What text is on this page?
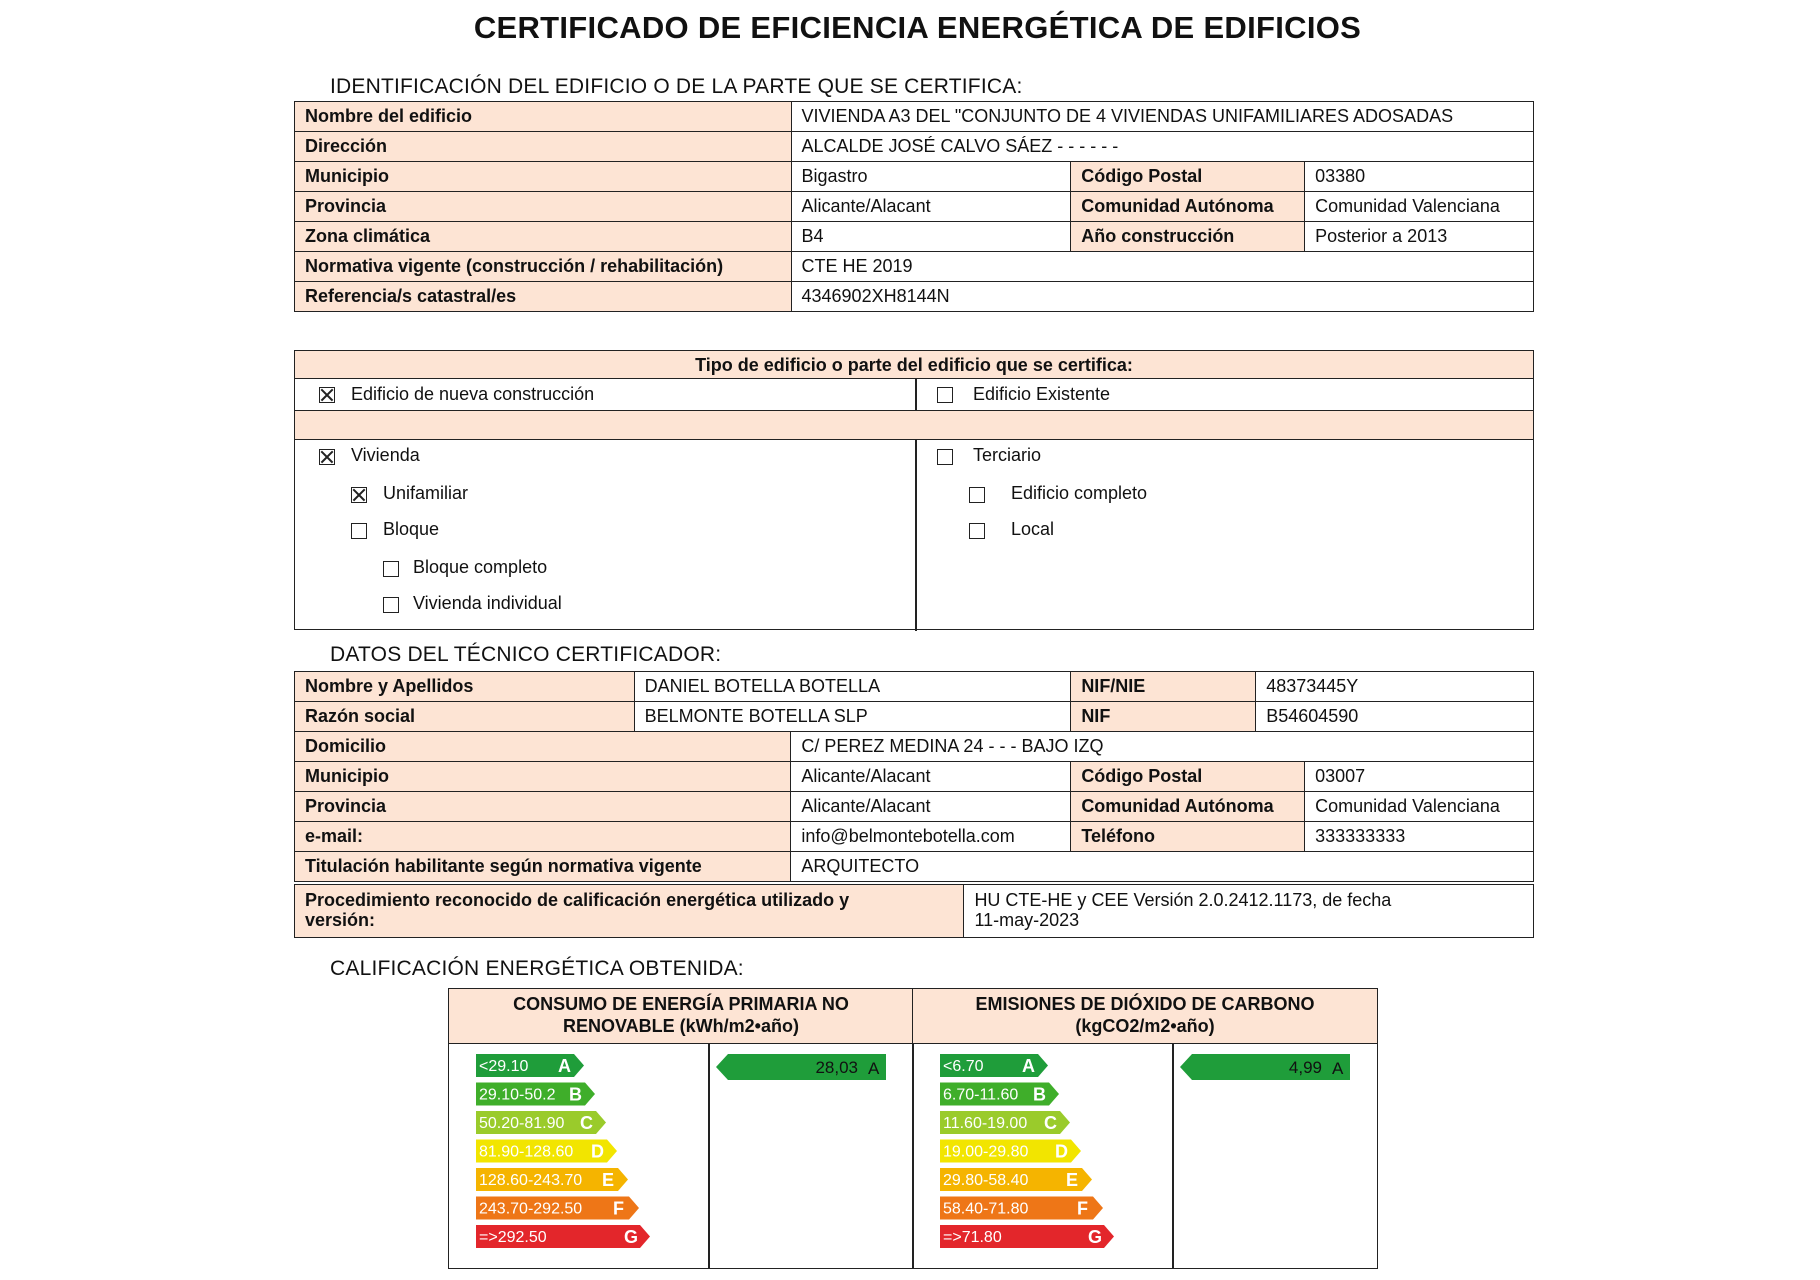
CERTIFICADO DE EFICIENCIA ENERGÉTICA DE EDIFICIOS
IDENTIFICACIÓN DEL EDIFICIO O DE LA PARTE QUE SE CERTIFICA:
Nombre del edificio	VIVIENDA A3 DEL "CONJUNTO DE 4 VIVIENDAS UNIFAMILIARES ADOSADAS		
Dirección	ALCALDE JOSÉ CALVO SÁEZ - - - - - -		
Municipio	Bigastro	Código Postal	03380
Provincia	Alicante/Alacant	Comunidad Autónoma	Comunidad Valenciana
Zona climática	B4	Año construcción	Posterior a 2013
Normativa vigente (construcción / rehabilitación)	CTE HE 2019		
Referencia/s catastral/es	4346902XH8144N		
Tipo de edificio o parte del edificio que se certifica:
Edificio de nueva construcción	Edificio Existente
Vivienda
Unifamiliar
Bloque
Bloque completo
Vivienda individual
Terciario
Edificio completo
Local
DATOS DEL TÉCNICO CERTIFICADOR:
Nombre y Apellidos	DANIEL BOTELLA BOTELLA		NIF/NIE	48373445Y	
Razón social	BELMONTE BOTELLA SLP		NIF	B54604590	
Domicilio		C/ PEREZ MEDINA 24 - - - BAJO IZQ			
Municipio		Alicante/Alacant	Código Postal		03007
Provincia		Alicante/Alacant	Comunidad Autónoma		Comunidad Valenciana
e-mail:		info@belmontebotella.com	Teléfono		333333333
Titulación habilitante según normativa vigente		ARQUITECTO			
Procedimiento reconocido de calificación energética utilizado y
versión:	HU CTE-HE y CEE Versión 2.0.2412.1173, de fecha
11-may-2023
CALIFICACIÓN ENERGÉTICA OBTENIDA:
CONSUMO DE ENERGÍA PRIMARIA NO
RENOVABLE (kWh/m2•año)
EMISIONES DE DIÓXIDO DE CARBONO
(kgCO2/m2•año)
<29.10 A
29.10-50.2 B
50.20-81.90 C
81.90-128.60 D
128.60-243.70 E
243.70-292.50 F
=>292.50	G
28,03 A	<6.70 A
6.70-11.60 B
11.60-19.00 C
19.00-29.80 D
29.80-58.40 E
58.40-71.80	F
=>71.80	G
4,99 A
